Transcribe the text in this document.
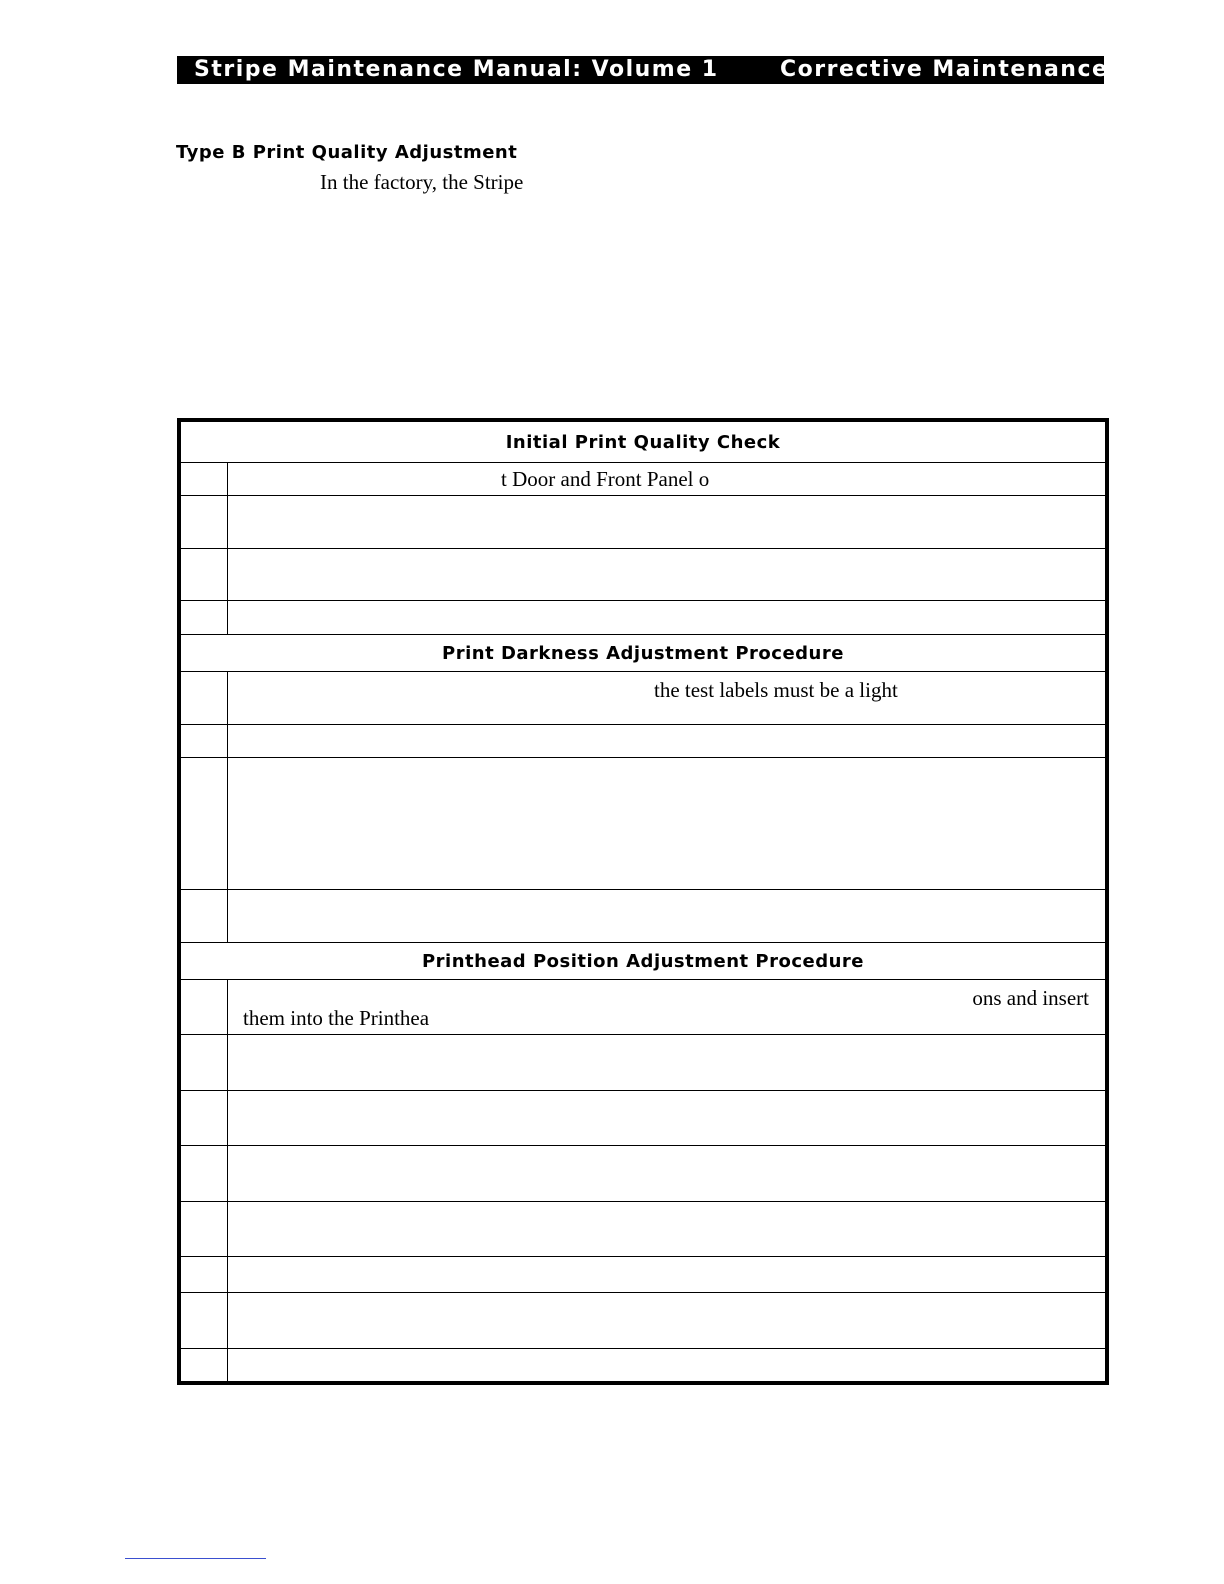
Stripe Maintenance Manual: Volume 1	Corrective Maintenance
Type B Print Quality Adjustment
In the factory, the Stripe
Initial Print Quality Check
t Door and Front Panel o
Print Darkness Adjustment Procedure
the test labels must be a light
Printhead Position Adjustment Procedure
ons and insert
them into the Printhea
